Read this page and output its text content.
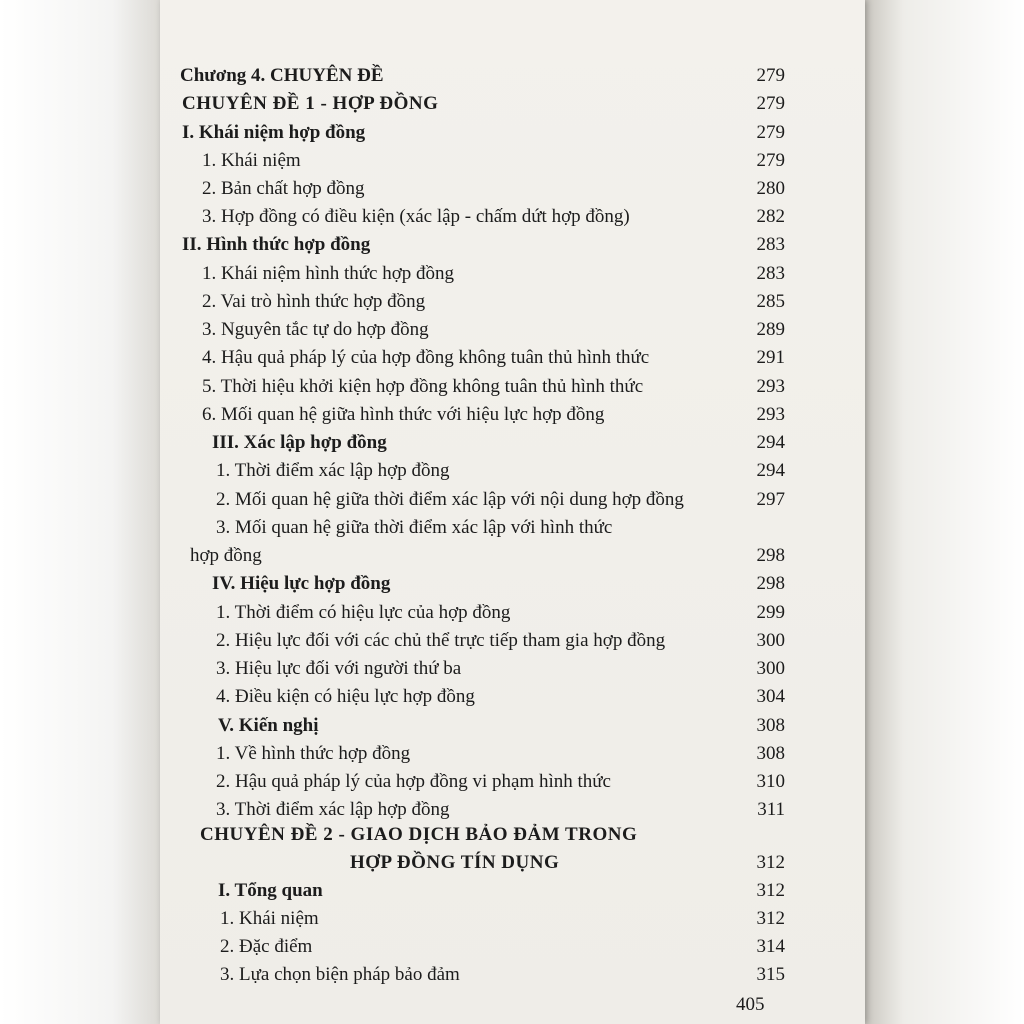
Chương 4. CHUYÊN ĐỀ	279
CHUYÊN ĐỀ 1 - HỢP ĐỒNG	279
I. Khái niệm hợp đồng	279
1. Khái niệm	279
2. Bản chất hợp đồng	280
3. Hợp đồng có điều kiện (xác lập - chấm dứt hợp đồng)	282
II. Hình thức hợp đồng	283
1. Khái niệm hình thức hợp đồng	283
2. Vai trò hình thức hợp đồng	285
3. Nguyên tắc tự do hợp đồng	289
4. Hậu quả pháp lý của hợp đồng không tuân thủ hình thức	291
5. Thời hiệu khởi kiện hợp đồng không tuân thủ hình thức	293
6. Mối quan hệ giữa hình thức với hiệu lực hợp đồng	293
III. Xác lập hợp đồng	294
1. Thời điểm xác lập hợp đồng	294
2. Mối quan hệ giữa thời điểm xác lập với nội dung hợp đồng	297
3. Mối quan hệ giữa thời điểm xác lập với hình thức
hợp đồng	298
IV. Hiệu lực hợp đồng	298
1. Thời điểm có hiệu lực của hợp đồng	299
2. Hiệu lực đối với các chủ thể trực tiếp tham gia hợp đồng	300
3. Hiệu lực đối với người thứ ba	300
4. Điều kiện có hiệu lực hợp đồng	304
V. Kiến nghị	308
1. Về hình thức hợp đồng	308
2. Hậu quả pháp lý của hợp đồng vi phạm hình thức	310
3. Thời điểm xác lập hợp đồng	311
CHUYÊN ĐỀ 2 - GIAO DỊCH BẢO ĐẢM TRONG
HỢP ĐỒNG TÍN DỤNG	312
I. Tổng quan	312
1. Khái niệm	312
2. Đặc điểm	314
3. Lựa chọn biện pháp bảo đảm	315
405
